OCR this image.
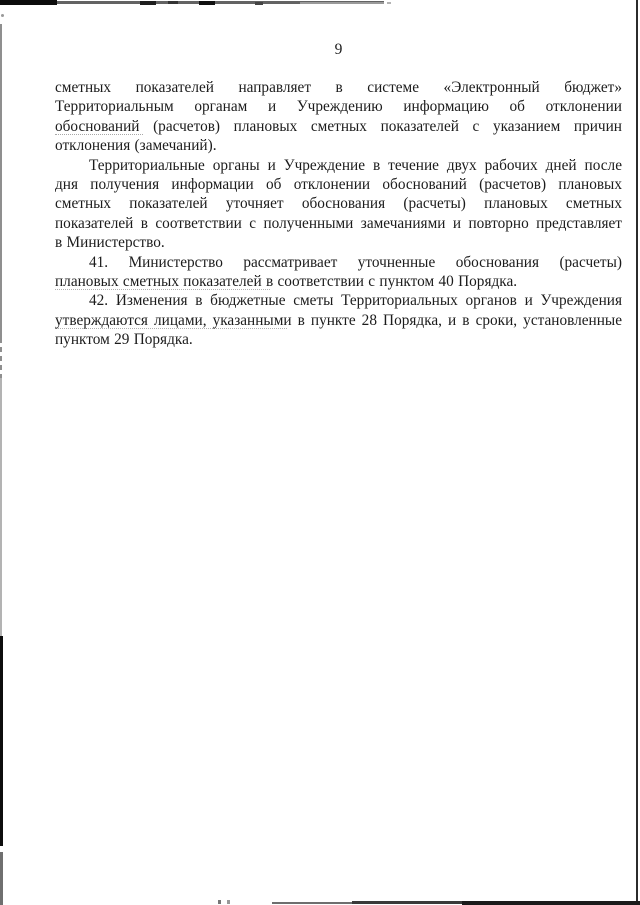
9
сметных показателей направляет в системе «Электронный бюджет»
Территориальным органам и Учреждению информацию об отклонении
обоснований (расчетов) плановых сметных показателей с указанием причин
отклонения (замечаний).
Территориальные органы и Учреждение в течение двух рабочих дней после
дня получения информации об отклонении обоснований (расчетов) плановых
сметных показателей уточняет обоснования (расчеты) плановых сметных
показателей в соответствии с полученными замечаниями и повторно представляет
в Министерство.
41. Министерство рассматривает уточненные обоснования (расчеты)
плановых сметных показателей в соответствии с пунктом 40 Порядка.
42. Изменения в бюджетные сметы Территориальных органов и Учреждения
утверждаются лицами, указанными в пункте 28 Порядка, и в сроки, установленные
пунктом 29 Порядка.
